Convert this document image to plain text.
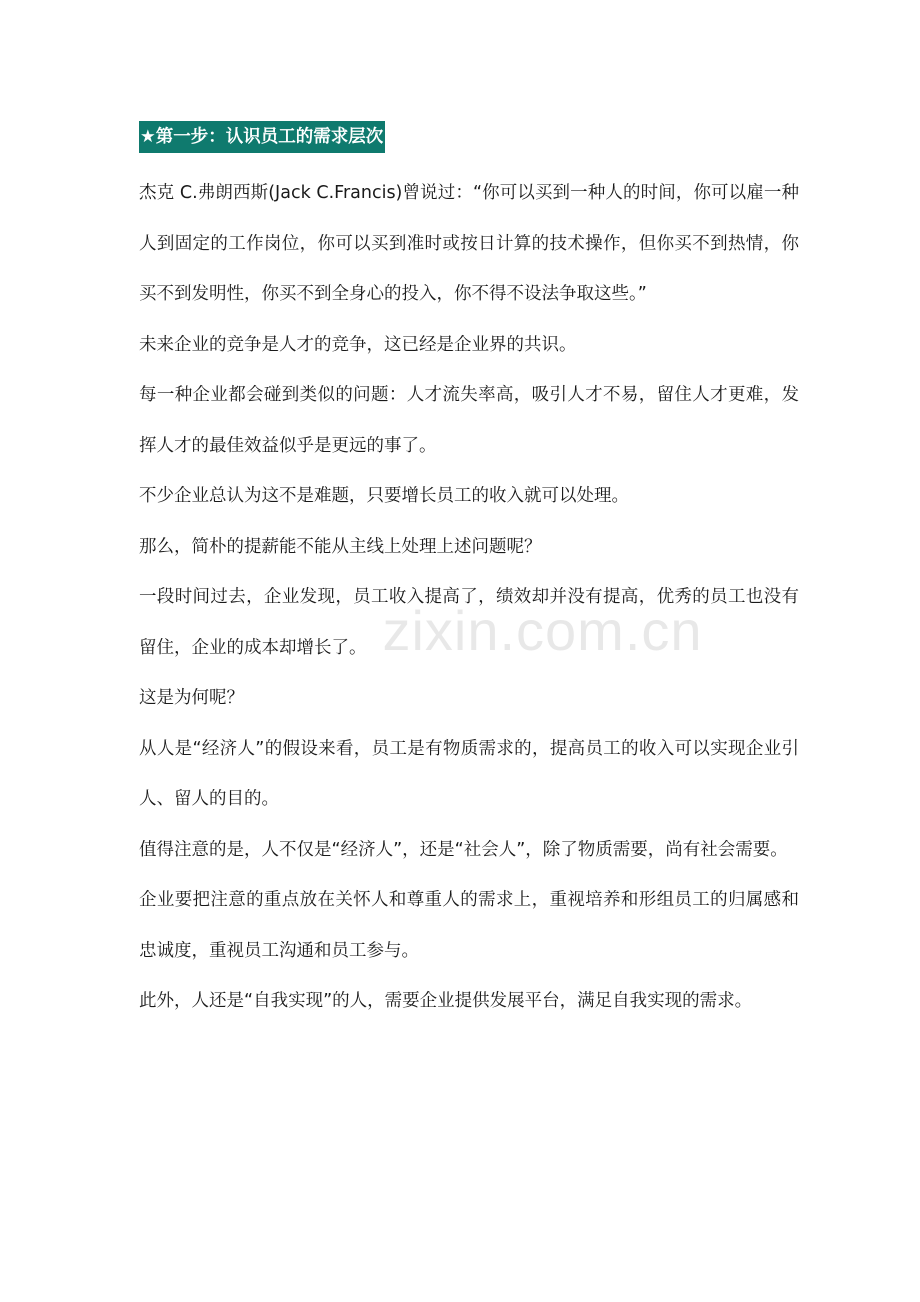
★第一步：认识员工的需求层次

杰克 C.弗朗西斯(Jack C.Francis)曾说过：“你可以买到一种人的时间，你可以雇一种人到固定的工作岗位，你可以买到准时或按日计算的技术操作，但你买不到热情，你买不到发明性，你买不到全身心的投入，你不得不设法争取这些。”

未来企业的竞争是人才的竞争，这已经是企业界的共识。

每一种企业都会碰到类似的问题：人才流失率高，吸引人才不易，留住人才更难，发挥人才的最佳效益似乎是更远的事了。

不少企业总认为这不是难题，只要增长员工的收入就可以处理。

那么，简朴的提薪能不能从主线上处理上述问题呢？

一段时间过去，企业发现，员工收入提高了，绩效却并没有提高，优秀的员工也没有留住，企业的成本却增长了。

这是为何呢？

从人是“经济人”的假设来看，员工是有物质需求的，提高员工的收入可以实现企业引人、留人的目的。

值得注意的是，人不仅是“经济人”，还是“社会人”，除了物质需要，尚有社会需要。

企业要把注意的重点放在关怀人和尊重人的需求上，重视培养和形组员工的归属感和忠诚度，重视员工沟通和员工参与。

此外，人还是“自我实现”的人，需要企业提供发展平台，满足自我实现的需求。

zixin.com.cn
